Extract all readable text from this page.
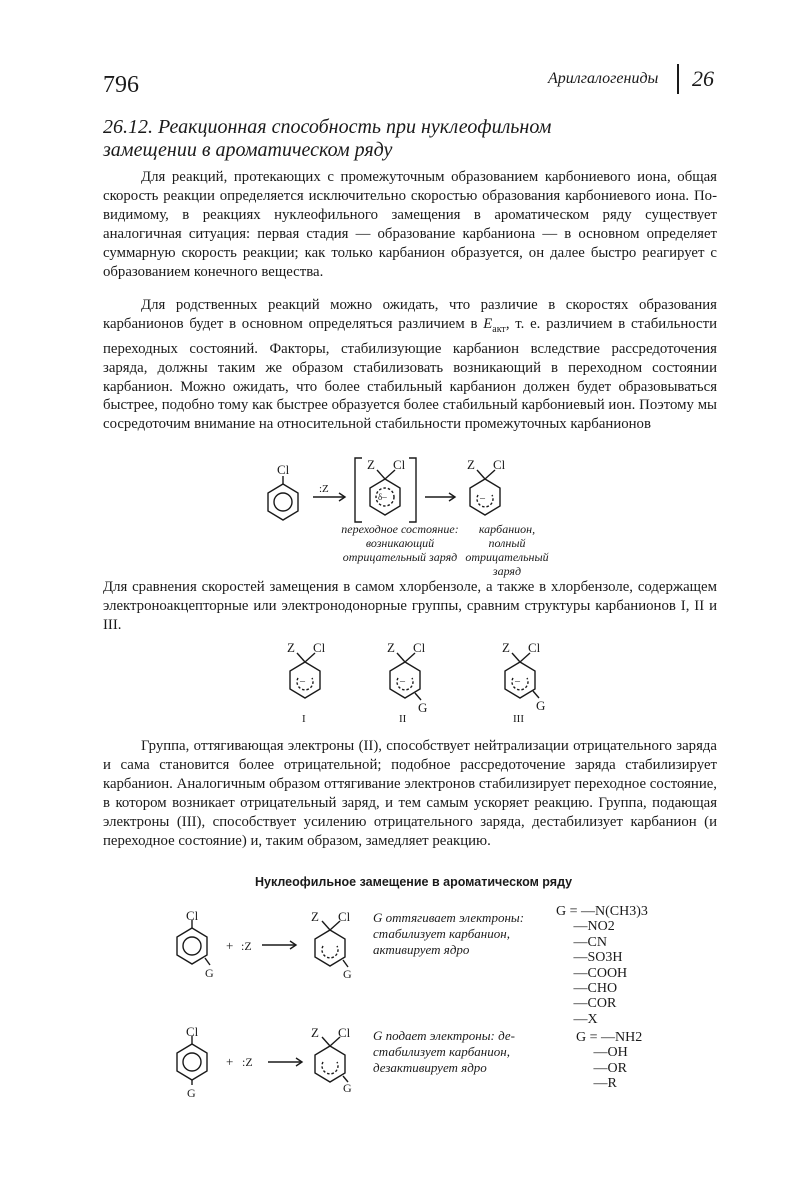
796	Арилгалогениды 26
26.12. Реакционная способность при нуклеофильном
замещении в ароматическом ряду

Для реакций, протекающих с промежуточным образованием карбониевого иона, общая скорость реакции определяется исключительно скоростью образования карбониевого иона. По-видимому, в реакциях нуклеофильного замещения в ароматическом ряду существует аналогичная ситуация: первая стадия — образование карбаниона — в основном определяет суммарную скорость реакции; как только карбанион образуется, он далее быстро реагирует с образованием конечного вещества.

Для родственных реакций можно ожидать, что различие в скоростях образования карбанионов будет в основном определяться различием в $E_{акт}$, т. е. различием в стабильности переходных состояний. Факторы, стабилизующие карбанион вследствие рассредоточения заряда, должны таким же образом стабилизовать возникающий в переходном состоянии карбанион. Можно ожидать, что более стабильный карбанион должен будет образовываться быстрее, подобно тому как быстрее образуется более стабильный карбониевый ион. Поэтому мы сосредоточим внимание на относительной стабильности промежуточных карбанионов

Cl
:Z
Z Cl
δ–
Z Cl
–
переходное состояние:
возникающий
отрицательный заряд
карбанион,
полный
отрицательный
заряд

Для сравнения скоростей замещения в самом хлорбензоле, а также в хлорбензоле, содержащем электроноакцепторные или электронодонорные группы, сравним структуры карбанионов I, II и III.

Z Cl	Z Cl	Z Cl
–	–	–
G	G
I	II	III

Группа, оттягивающая электроны (II), способствует нейтрализации отрицательного заряда и сама становится более отрицательной; подобное рассредоточение заряда стабилизирует карбанион. Аналогичным образом оттягивание электронов стабилизирует переходное состояние, в котором возникает отрицательный заряд, и тем самым ускоряет реакцию. Группа, подающая электроны (III), способствует усилению отрицательного заряда, дестабилизует карбанион (и переходное состояние) и, таким образом, замедляет реакцию.

Нуклеофильное замещение в ароматическом ряду
Cl
G
+ :Z
Z Cl
G
Cl
G
+ :Z
Z Cl
G
G оттягивает электроны: стабилизует карбанион, активирует ядро
G = —N(CH3)3
—NO2
—CN
—SO3H
—COOH
—CHO
—COR
—X
G подает электроны: дестабилизует карбанион, дезактивирует ядро
G = —NH2
—OH
—OR
—R
